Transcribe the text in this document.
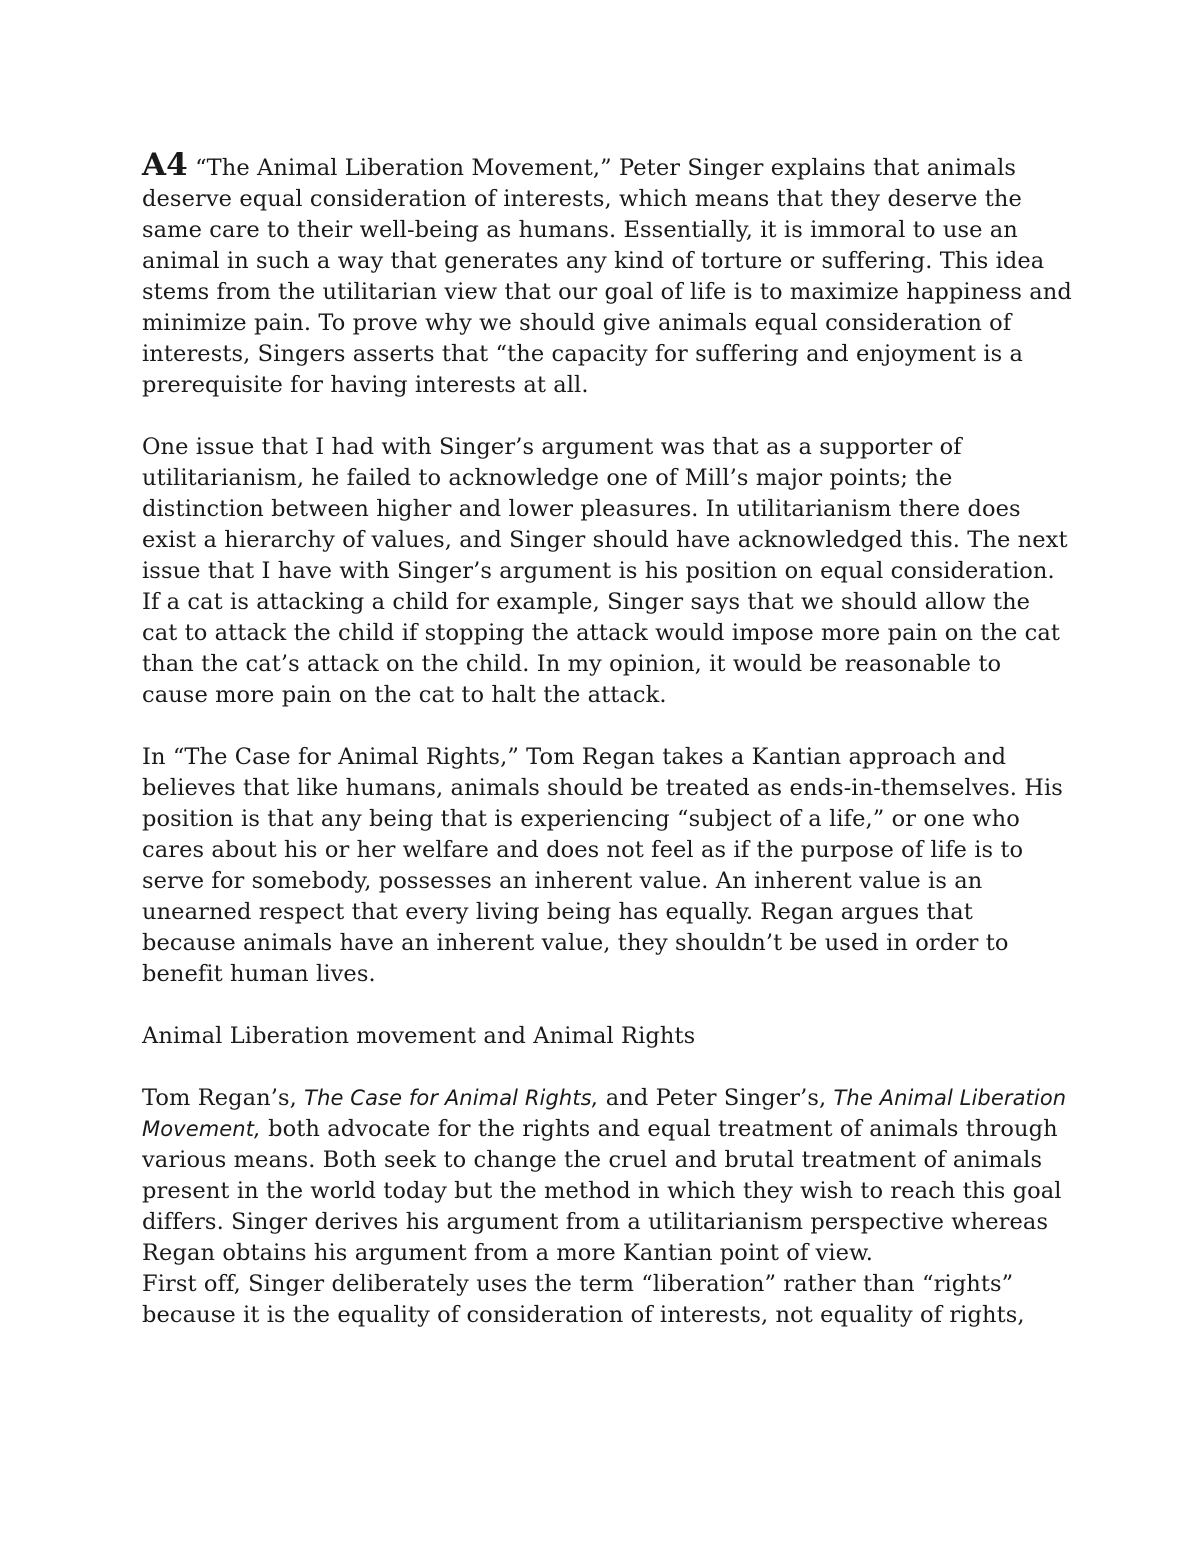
A4 “The Animal Liberation Movement,” Peter Singer explains that animals deserve equal consideration of interests, which means that they deserve the same care to their well-being as humans. Essentially, it is immoral to use an animal in such a way that generates any kind of torture or suffering. This idea stems from the utilitarian view that our goal of life is to maximize happiness and minimize pain. To prove why we should give animals equal consideration of interests, Singers asserts that “the capacity for suffering and enjoyment is a prerequisite for having interests at all.

One issue that I had with Singer’s argument was that as a supporter of utilitarianism, he failed to acknowledge one of Mill’s major points; the distinction between higher and lower pleasures. In utilitarianism there does exist a hierarchy of values, and Singer should have acknowledged this. The next issue that I have with Singer’s argument is his position on equal consideration. If a cat is attacking a child for example, Singer says that we should allow the cat to attack the child if stopping the attack would impose more pain on the cat than the cat’s attack on the child. In my opinion, it would be reasonable to cause more pain on the cat to halt the attack.

In “The Case for Animal Rights,” Tom Regan takes a Kantian approach and believes that like humans, animals should be treated as ends-in-themselves. His position is that any being that is experiencing “subject of a life,” or one who cares about his or her welfare and does not feel as if the purpose of life is to serve for somebody, possesses an inherent value. An inherent value is an unearned respect that every living being has equally. Regan argues that because animals have an inherent value, they shouldn’t be used in order to benefit human lives.

Animal Liberation movement and Animal Rights

Tom Regan’s, The Case for Animal Rights, and Peter Singer’s, The Animal Liberation Movement, both advocate for the rights and equal treatment of animals through various means. Both seek to change the cruel and brutal treatment of animals present in the world today but the method in which they wish to reach this goal differs. Singer derives his argument from a utilitarianism perspective whereas Regan obtains his argument from a more Kantian point of view.

First off, Singer deliberately uses the term “liberation” rather than “rights” because it is the equality of consideration of interests, not equality of rights,
